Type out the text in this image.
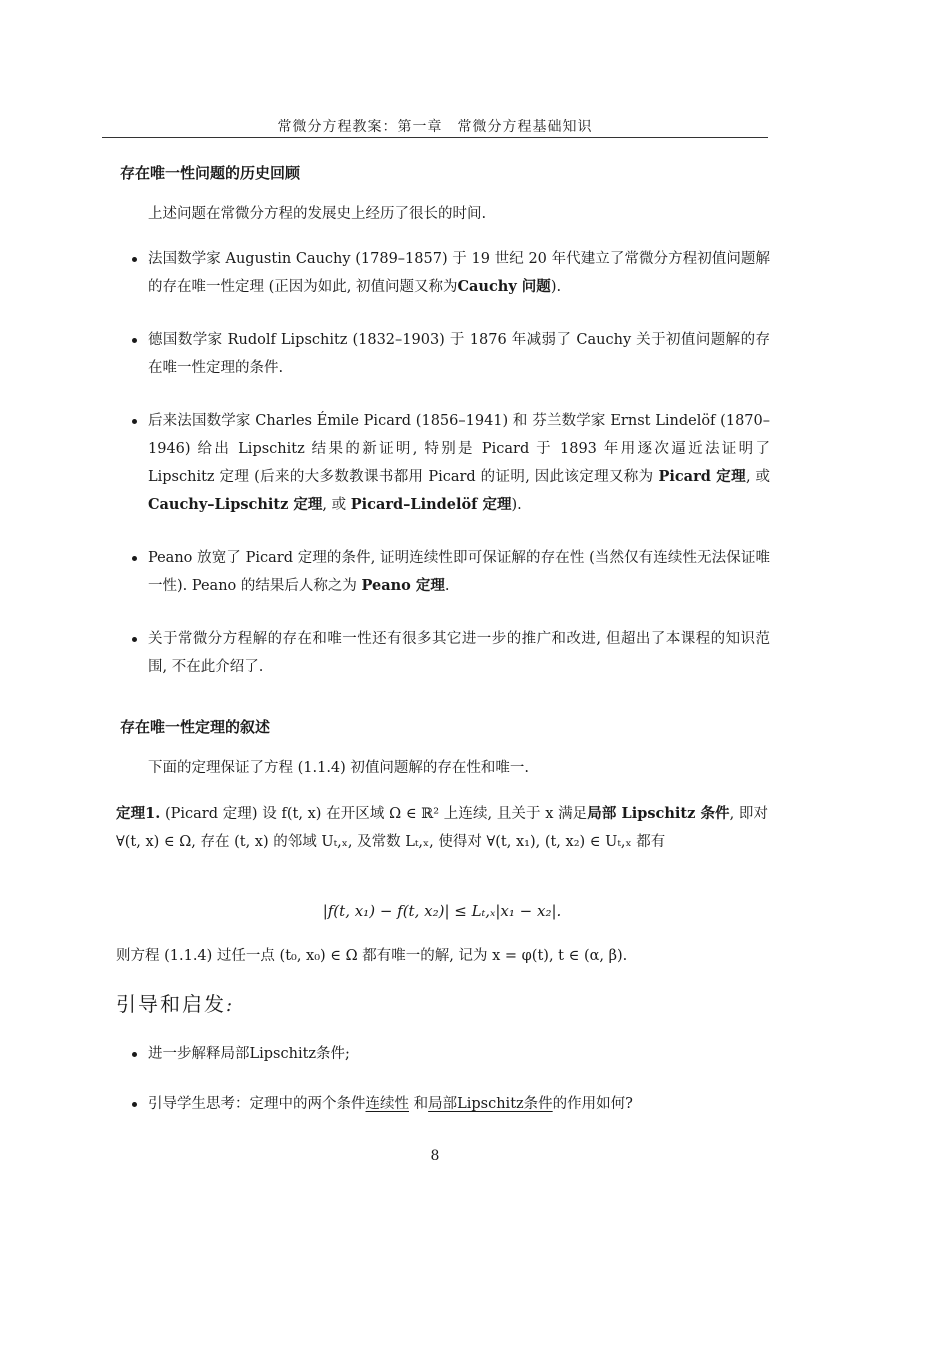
常微分方程教案：第一章　常微分方程基础知识
存在唯一性问题的历史回顾
上述问题在常微分方程的发展史上经历了很长的时间.
法国数学家 Augustin Cauchy (1789–1857) 于 19 世纪 20 年代建立了常微分方程初值问题解的存在唯一性定理 (正因为如此, 初值问题又称为Cauchy 问题).
德国数学家 Rudolf Lipschitz (1832–1903) 于 1876 年减弱了 Cauchy 关于初值问题解的存在唯一性定理的条件.
后来法国数学家 Charles Émile Picard (1856–1941) 和 芬兰数学家 Ernst Lindelöf (1870–1946) 给出 Lipschitz 结果的新证明, 特别是 Picard 于 1893 年用逐次逼近法证明了 Lipschitz 定理 (后来的大多数教课书都用 Picard 的证明, 因此该定理又称为 Picard 定理, 或 Cauchy–Lipschitz 定理, 或 Picard–Lindelöf 定理).
Peano 放宽了 Picard 定理的条件, 证明连续性即可保证解的存在性 (当然仅有连续性无法保证唯一性). Peano 的结果后人称之为 Peano 定理.
关于常微分方程解的存在和唯一性还有很多其它进一步的推广和改进, 但超出了本课程的知识范围, 不在此介绍了.
存在唯一性定理的叙述
下面的定理保证了方程 (1.1.4) 初值问题解的存在性和唯一.
定理1. (Picard 定理) 设 f(t, x) 在开区域 Ω ∈ ℝ² 上连续, 且关于 x 满足局部 Lipschitz 条件, 即对 ∀(t, x) ∈ Ω, 存在 (t, x) 的邻域 Uₜ,ₓ, 及常数 Lₜ,ₓ, 使得对 ∀(t, x₁), (t, x₂) ∈ Uₜ,ₓ 都有
|f(t, x₁) − f(t, x₂)| ≤ Lₜ,ₓ|x₁ − x₂|.
则方程 (1.1.4) 过任一点 (t₀, x₀) ∈ Ω 都有唯一的解, 记为 x = φ(t), t ∈ (α, β).
引导和启发:
进一步解释局部Lipschitz条件;
引导学生思考：定理中的两个条件连续性 和局部Lipschitz条件的作用如何?
8
